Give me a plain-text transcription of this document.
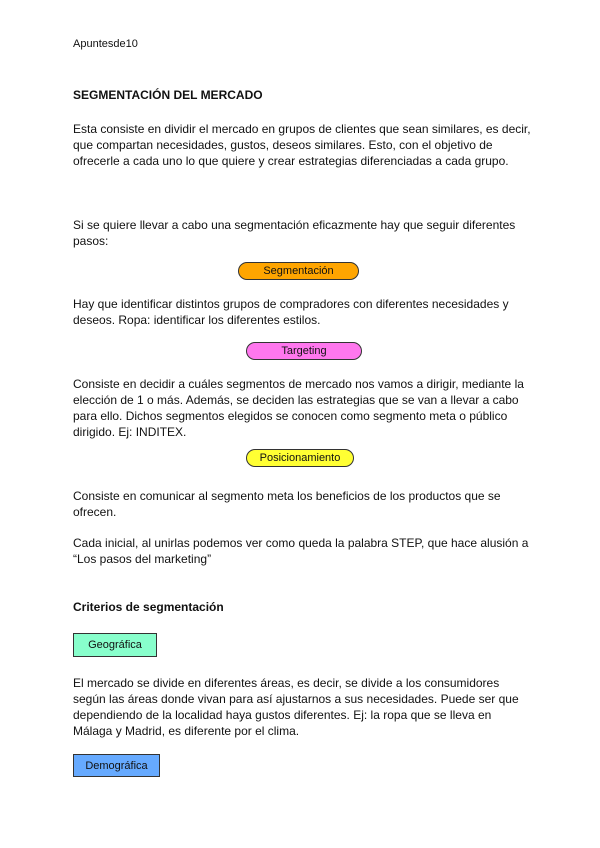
Apuntesde10
SEGMENTACIÓN DEL MERCADO

Esta consiste en dividir el mercado en grupos de clientes que sean similares, es decir, que compartan necesidades, gustos, deseos similares. Esto, con el objetivo de ofrecerle a cada uno lo que quiere y crear estrategias diferenciadas a cada grupo.

Si se quiere llevar a cabo una segmentación eficazmente hay que seguir diferentes pasos:

Segmentación

Hay que identificar distintos grupos de compradores con diferentes necesidades y deseos. Ropa: identificar los diferentes estilos.

Targeting

Consiste en decidir a cuáles segmentos de mercado nos vamos a dirigir, mediante la elección de 1 o más. Además, se deciden las estrategias que se van a llevar a cabo para ello. Dichos segmentos elegidos se conocen como segmento meta o público dirigido. Ej: INDITEX.

Posicionamiento

Consiste en comunicar al segmento meta los beneficios de los productos que se ofrecen.

Cada inicial, al unirlas podemos ver como queda la palabra STEP, que hace alusión a “Los pasos del marketing”

Criterios de segmentación
Geográfica

El mercado se divide en diferentes áreas, es decir, se divide a los consumidores según las áreas donde vivan para así ajustarnos a sus necesidades. Puede ser que dependiendo de la localidad haya gustos diferentes. Ej: la ropa que se lleva en Málaga y Madrid, es diferente por el clima.

Demográfica
